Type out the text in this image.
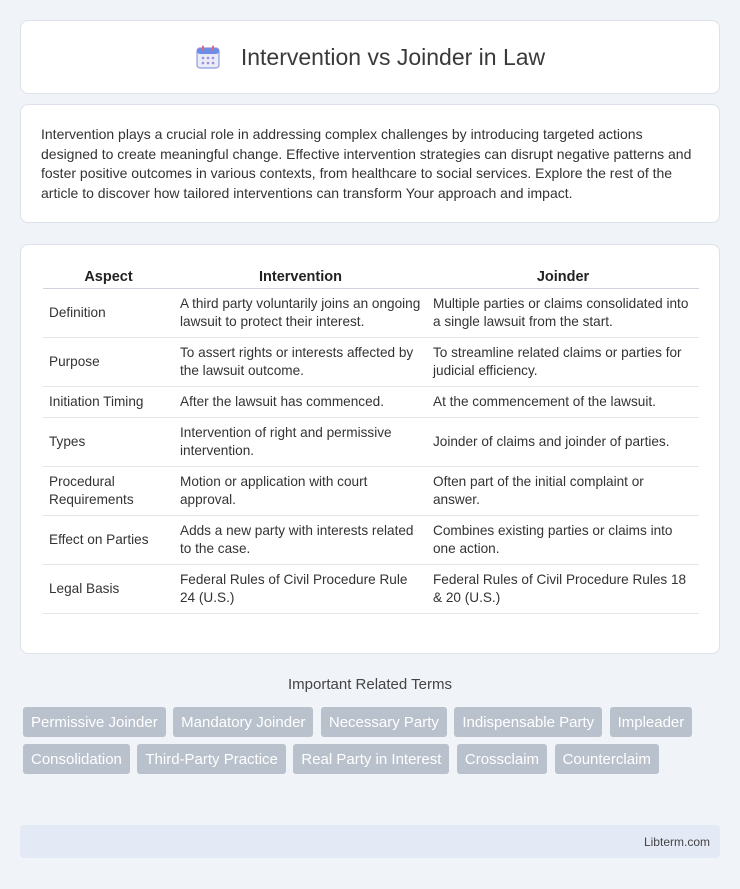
Intervention vs Joinder in Law

Intervention plays a crucial role in addressing complex challenges by introducing targeted actions designed to create meaningful change. Effective intervention strategies can disrupt negative patterns and foster positive outcomes in various contexts, from healthcare to social services. Explore the rest of the article to discover how tailored interventions can transform Your approach and impact.

Aspect	Intervention	Joinder
Definition	A third party voluntarily joins an ongoing lawsuit to protect their interest.	Multiple parties or claims consolidated into a single lawsuit from the start.
Purpose	To assert rights or interests affected by the lawsuit outcome.	To streamline related claims or parties for judicial efficiency.
Initiation Timing	After the lawsuit has commenced.	At the commencement of the lawsuit.
Types	Intervention of right and permissive intervention.	Joinder of claims and joinder of parties.
Procedural Requirements	Motion or application with court approval.	Often part of the initial complaint or answer.
Effect on Parties	Adds a new party with interests related to the case.	Combines existing parties or claims into one action.
Legal Basis	Federal Rules of Civil Procedure Rule 24 (U.S.)	Federal Rules of Civil Procedure Rules 18 & 20 (U.S.)
Important Related Terms
Permissive Joinder Mandatory Joinder Necessary Party Indispensable Party Impleader Consolidation Third-Party Practice Real Party in Interest Crossclaim Counterclaim
Libterm.com
